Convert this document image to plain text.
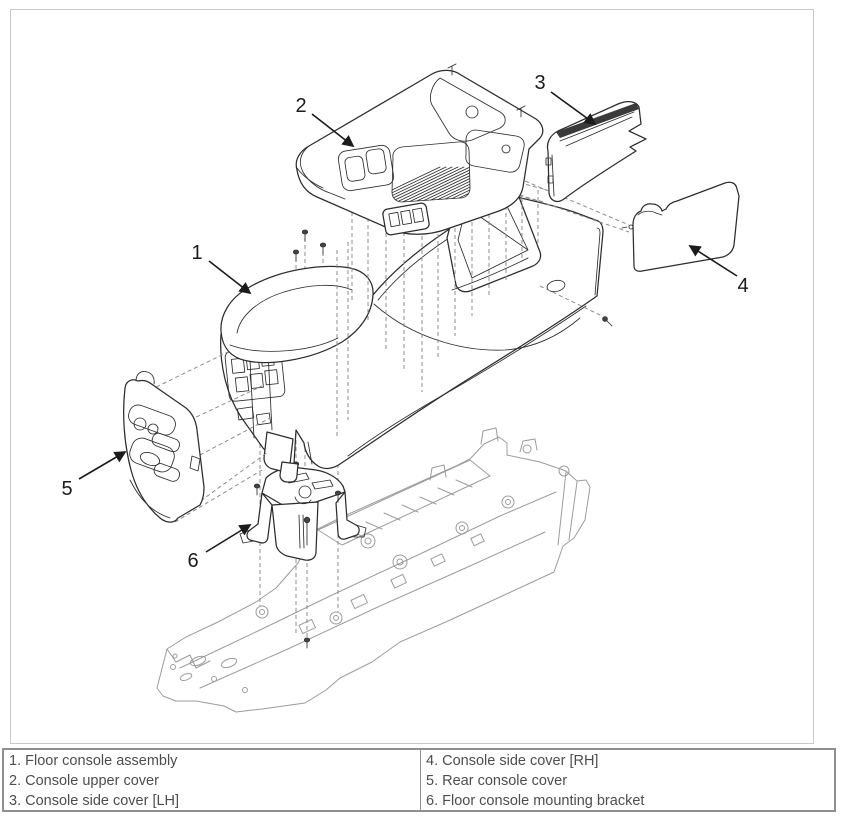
1
2
3
4
5
6
1. Floor console assembly
2. Console upper cover
3. Console side cover [LH]
4. Console side cover [RH]
5. Rear console cover
6. Floor console mounting bracket
